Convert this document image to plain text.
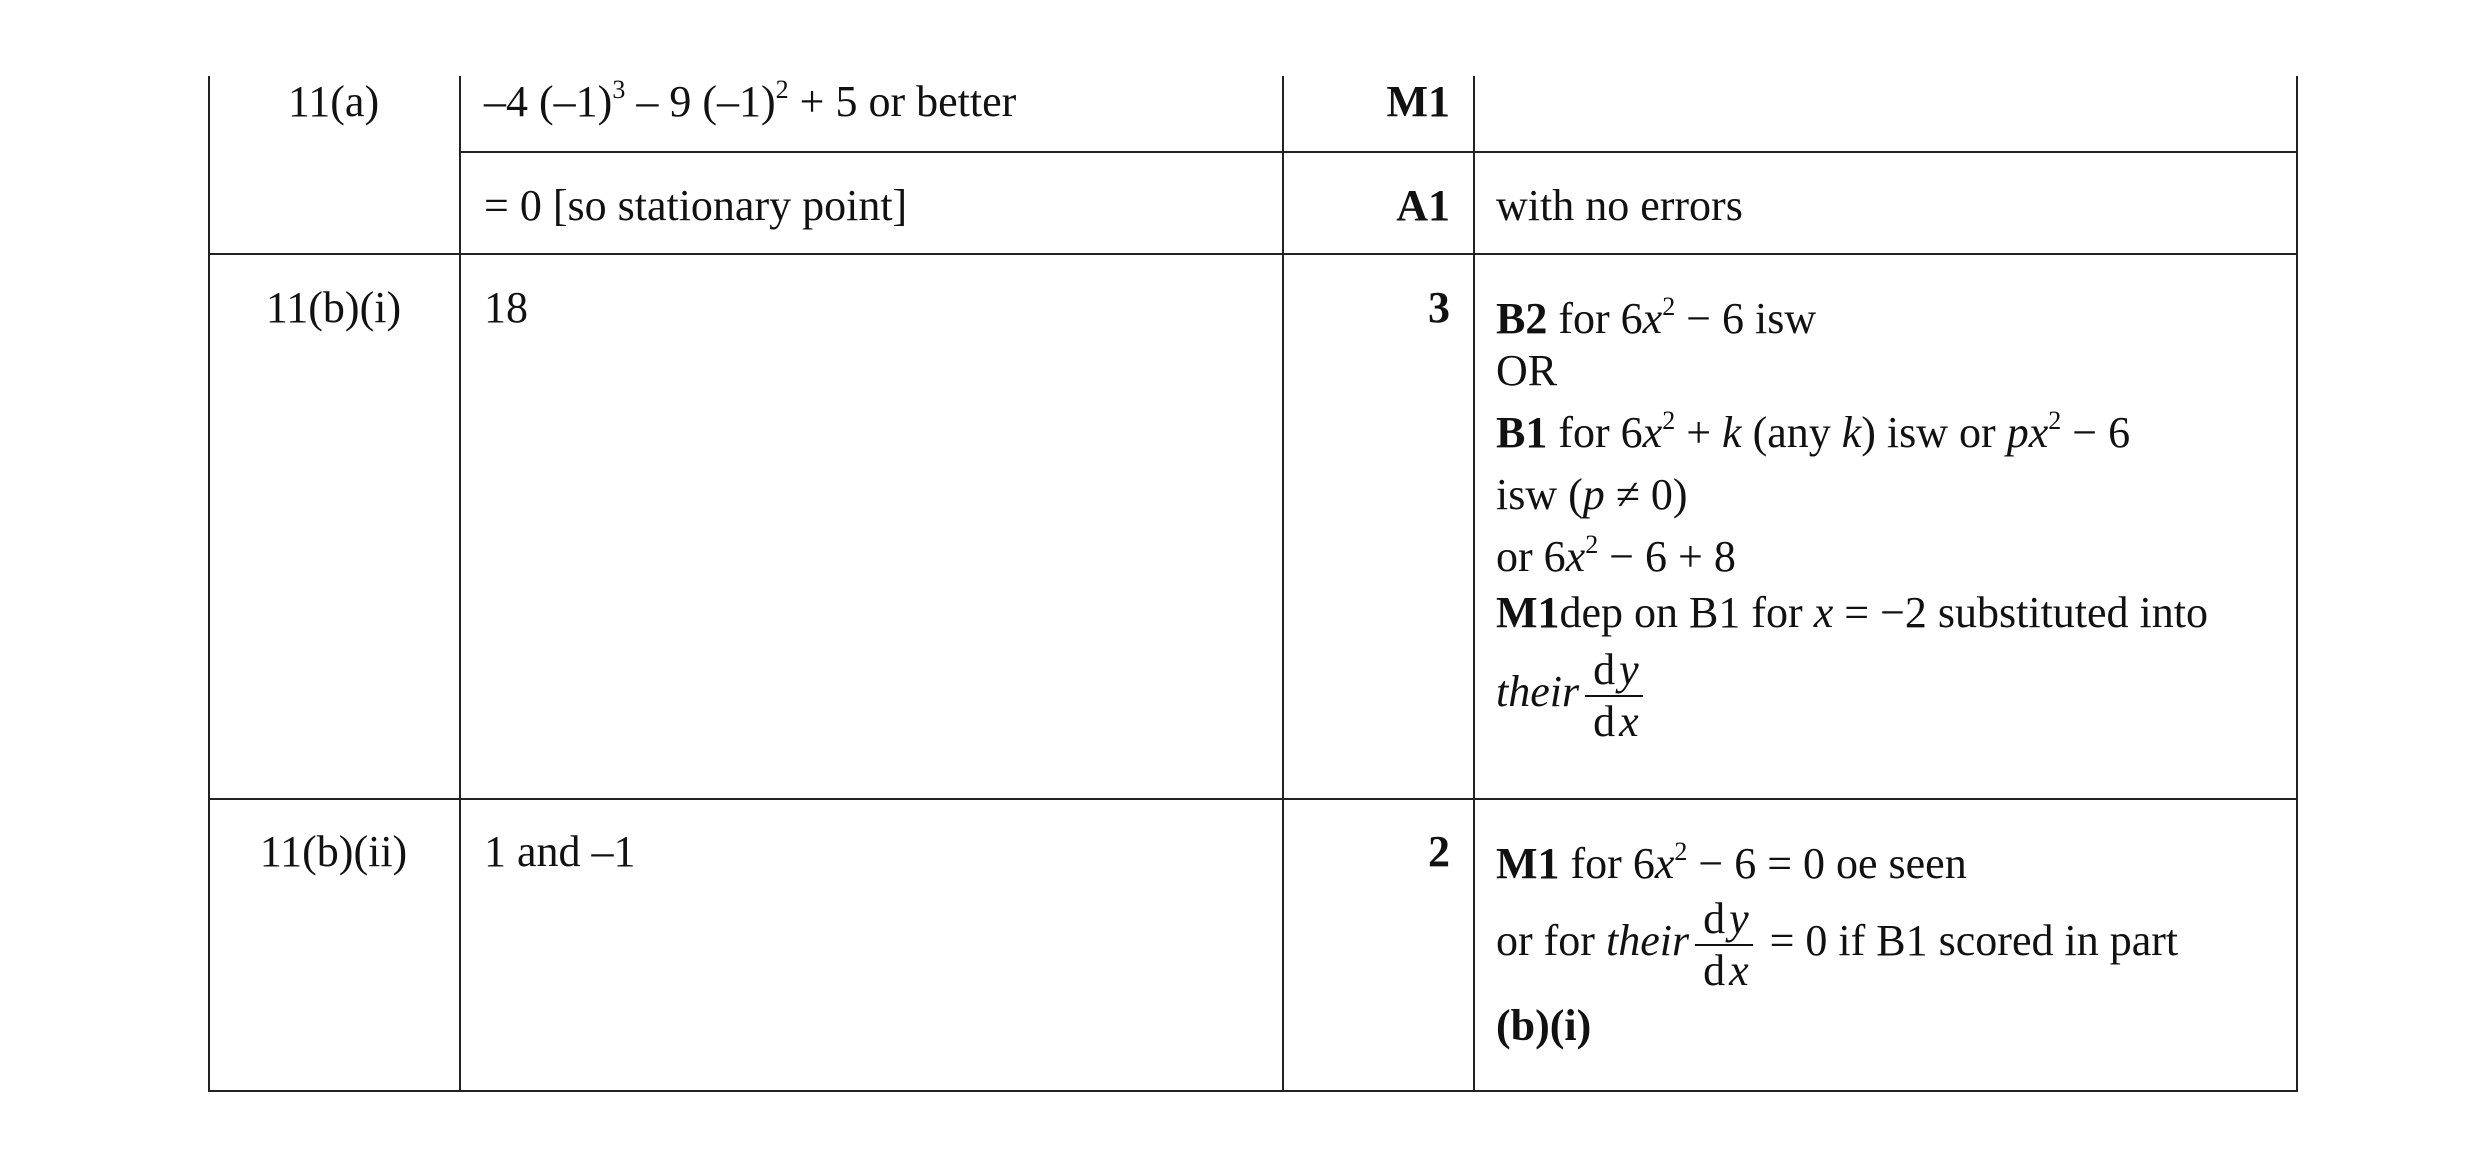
11(a)	–4 $(-1)^3 - 9$ $(-1)^2 + 5$ or better	M1
= 0 [so stationary point]	A1 with no errors
11(b)(i)	18	3 B2 for $6x^2 - 6$ isw
OR
B1 for $6x^2 + k$ (any k) isw or $px^2 - 6$
isw (p ≠ 0)
or $6x^2 - 6 + 8$
M1dep on B1 for x = −2 substituted into
their $\frac{dy}{dx}$
11(b)(ii)	1 and –1	2 M1 for $6x^2 - 6 = 0$ oe seen
or for their $\frac{dy}{dx} = 0$ if B1 scored in part
(b)(i)
